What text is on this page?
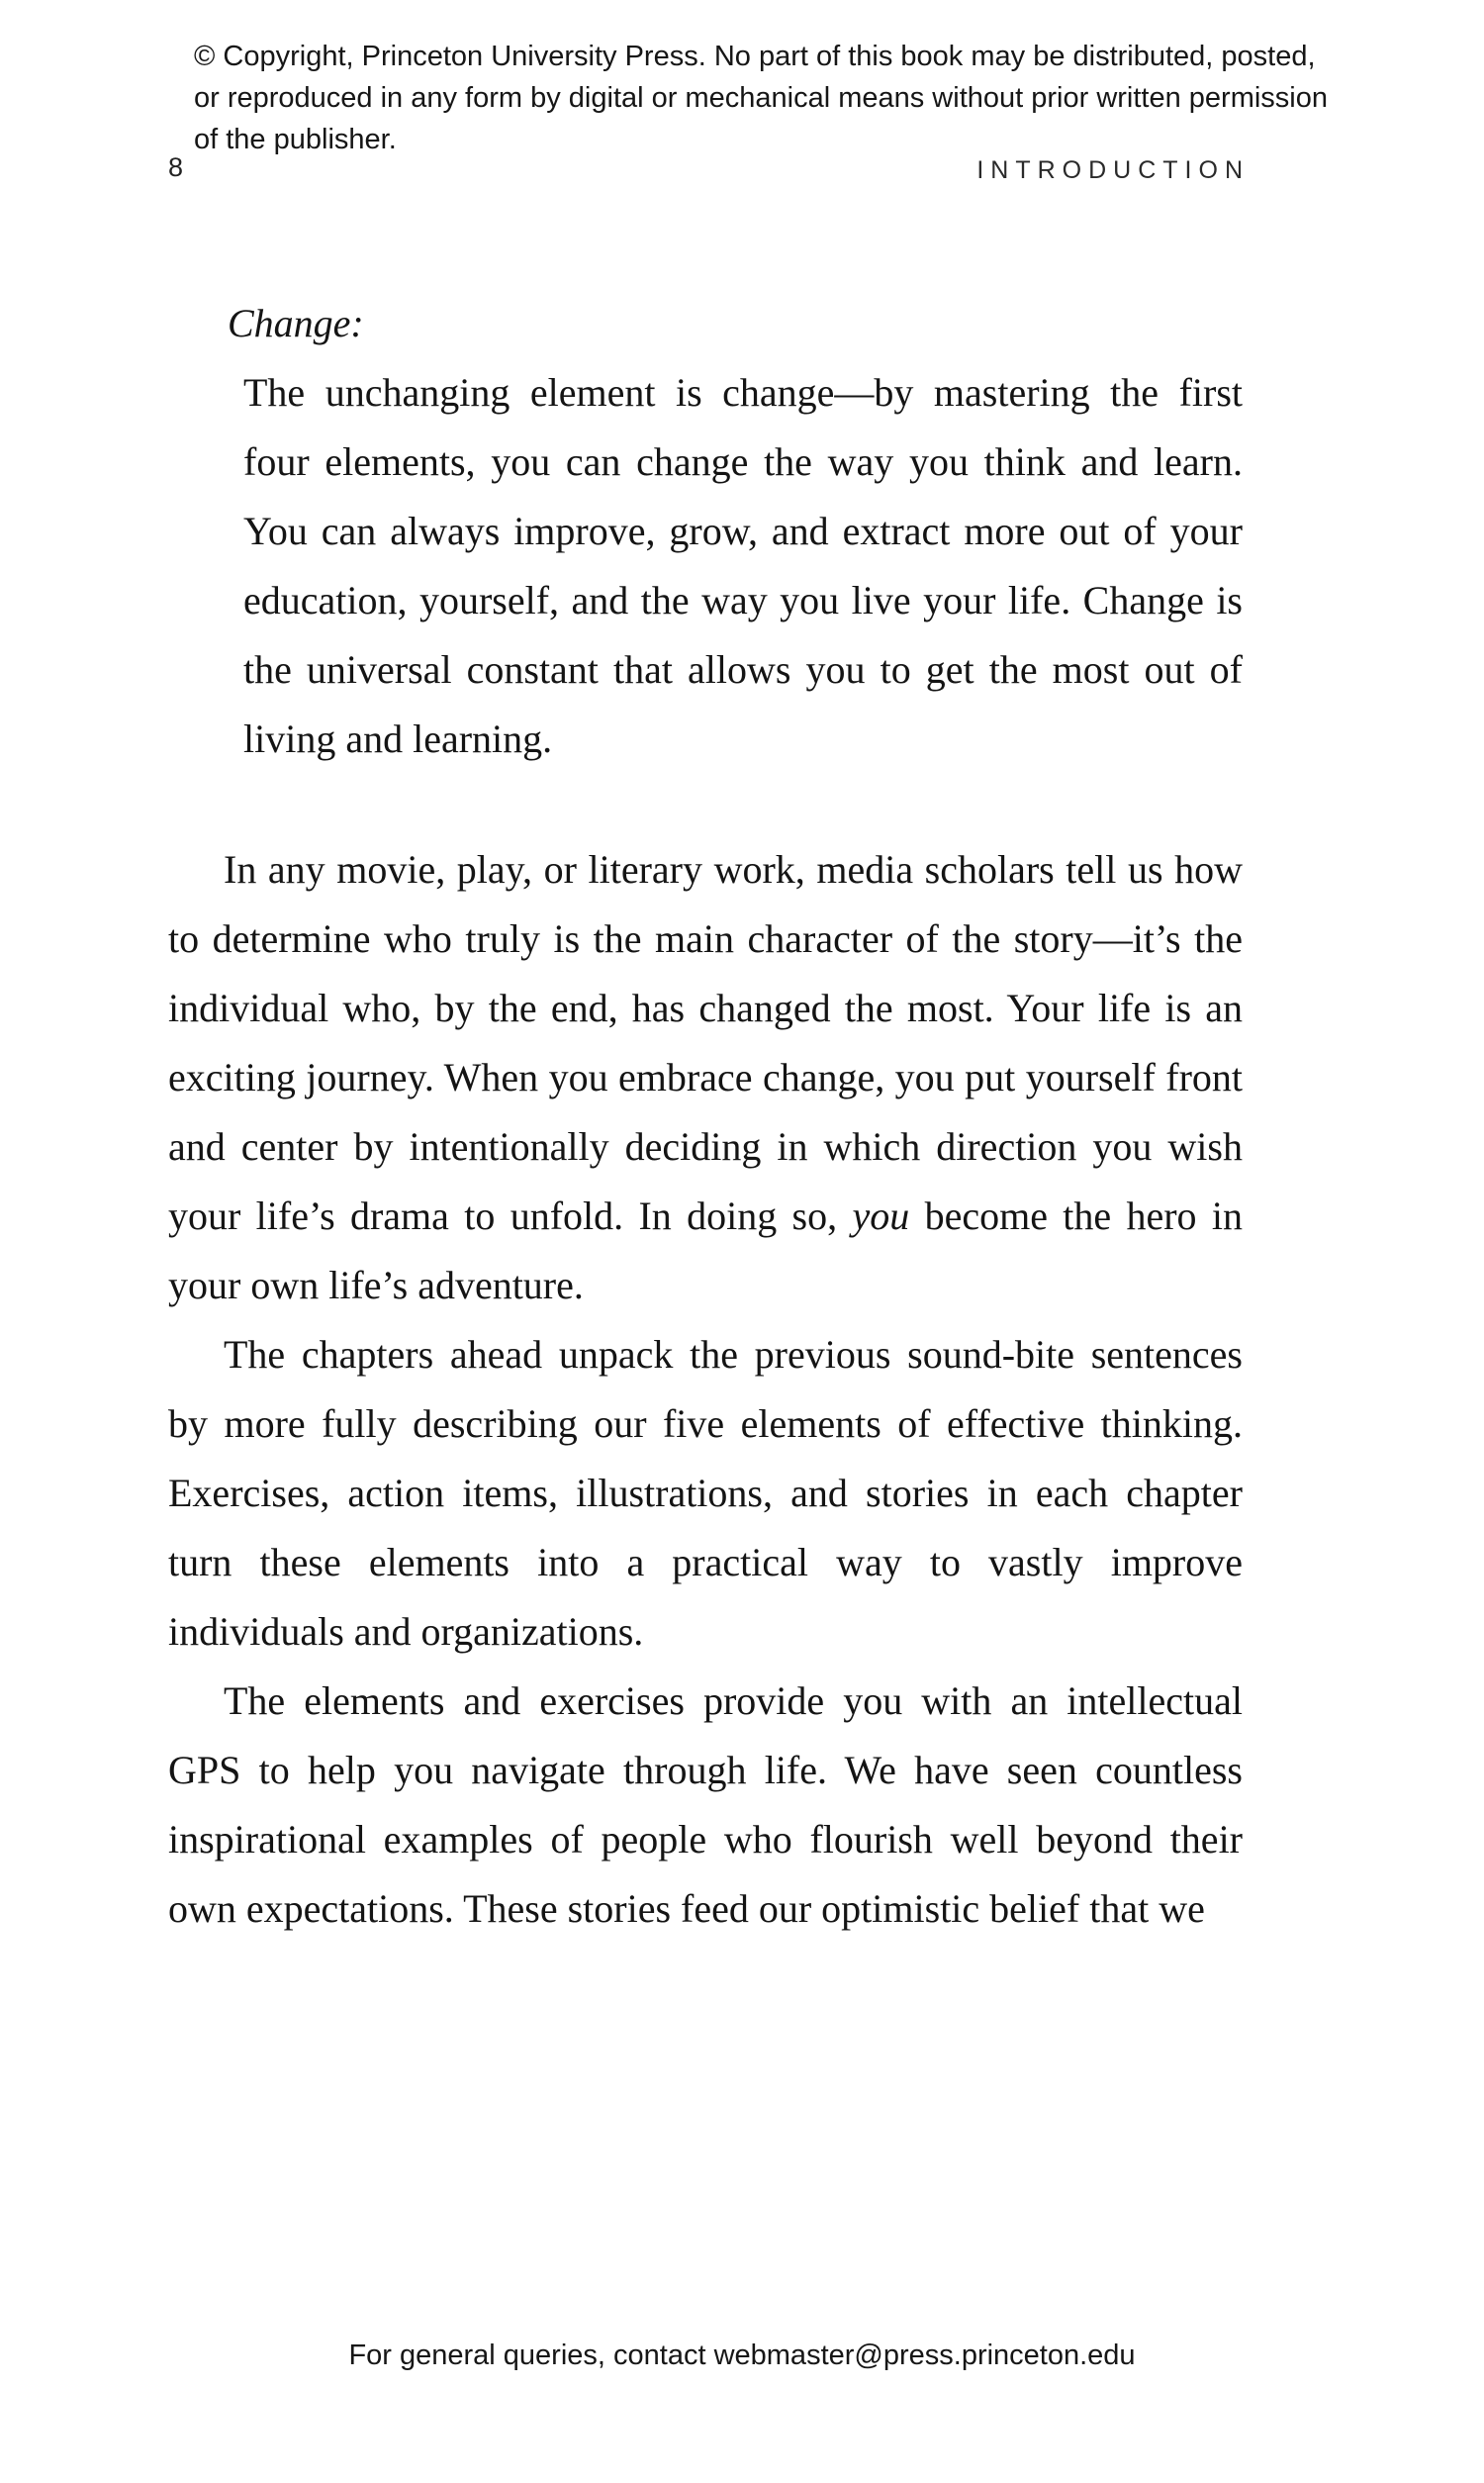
© Copyright, Princeton University Press. No part of this book may be distributed, posted, or reproduced in any form by digital or mechanical means without prior written permission of the publisher.
8	INTRODUCTION
Change:
The unchanging element is change—by mastering the first four elements, you can change the way you think and learn. You can always improve, grow, and extract more out of your education, yourself, and the way you live your life. Change is the universal constant that allows you to get the most out of living and learning.

In any movie, play, or literary work, media scholars tell us how to determine who truly is the main character of the story—it’s the individual who, by the end, has changed the most. Your life is an exciting journey. When you embrace change, you put yourself front and center by intentionally deciding in which direction you wish your life’s drama to unfold. In doing so, you become the hero in your own life’s adventure.

The chapters ahead unpack the previous sound-bite sentences by more fully describing our five elements of effective thinking. Exercises, action items, illustrations, and stories in each chapter turn these elements into a practical way to vastly improve individuals and organizations.

The elements and exercises provide you with an intellectual GPS to help you navigate through life. We have seen countless inspirational examples of people who flourish well beyond their own expectations. These stories feed our optimistic belief that we

For general queries, contact webmaster@press.princeton.edu
